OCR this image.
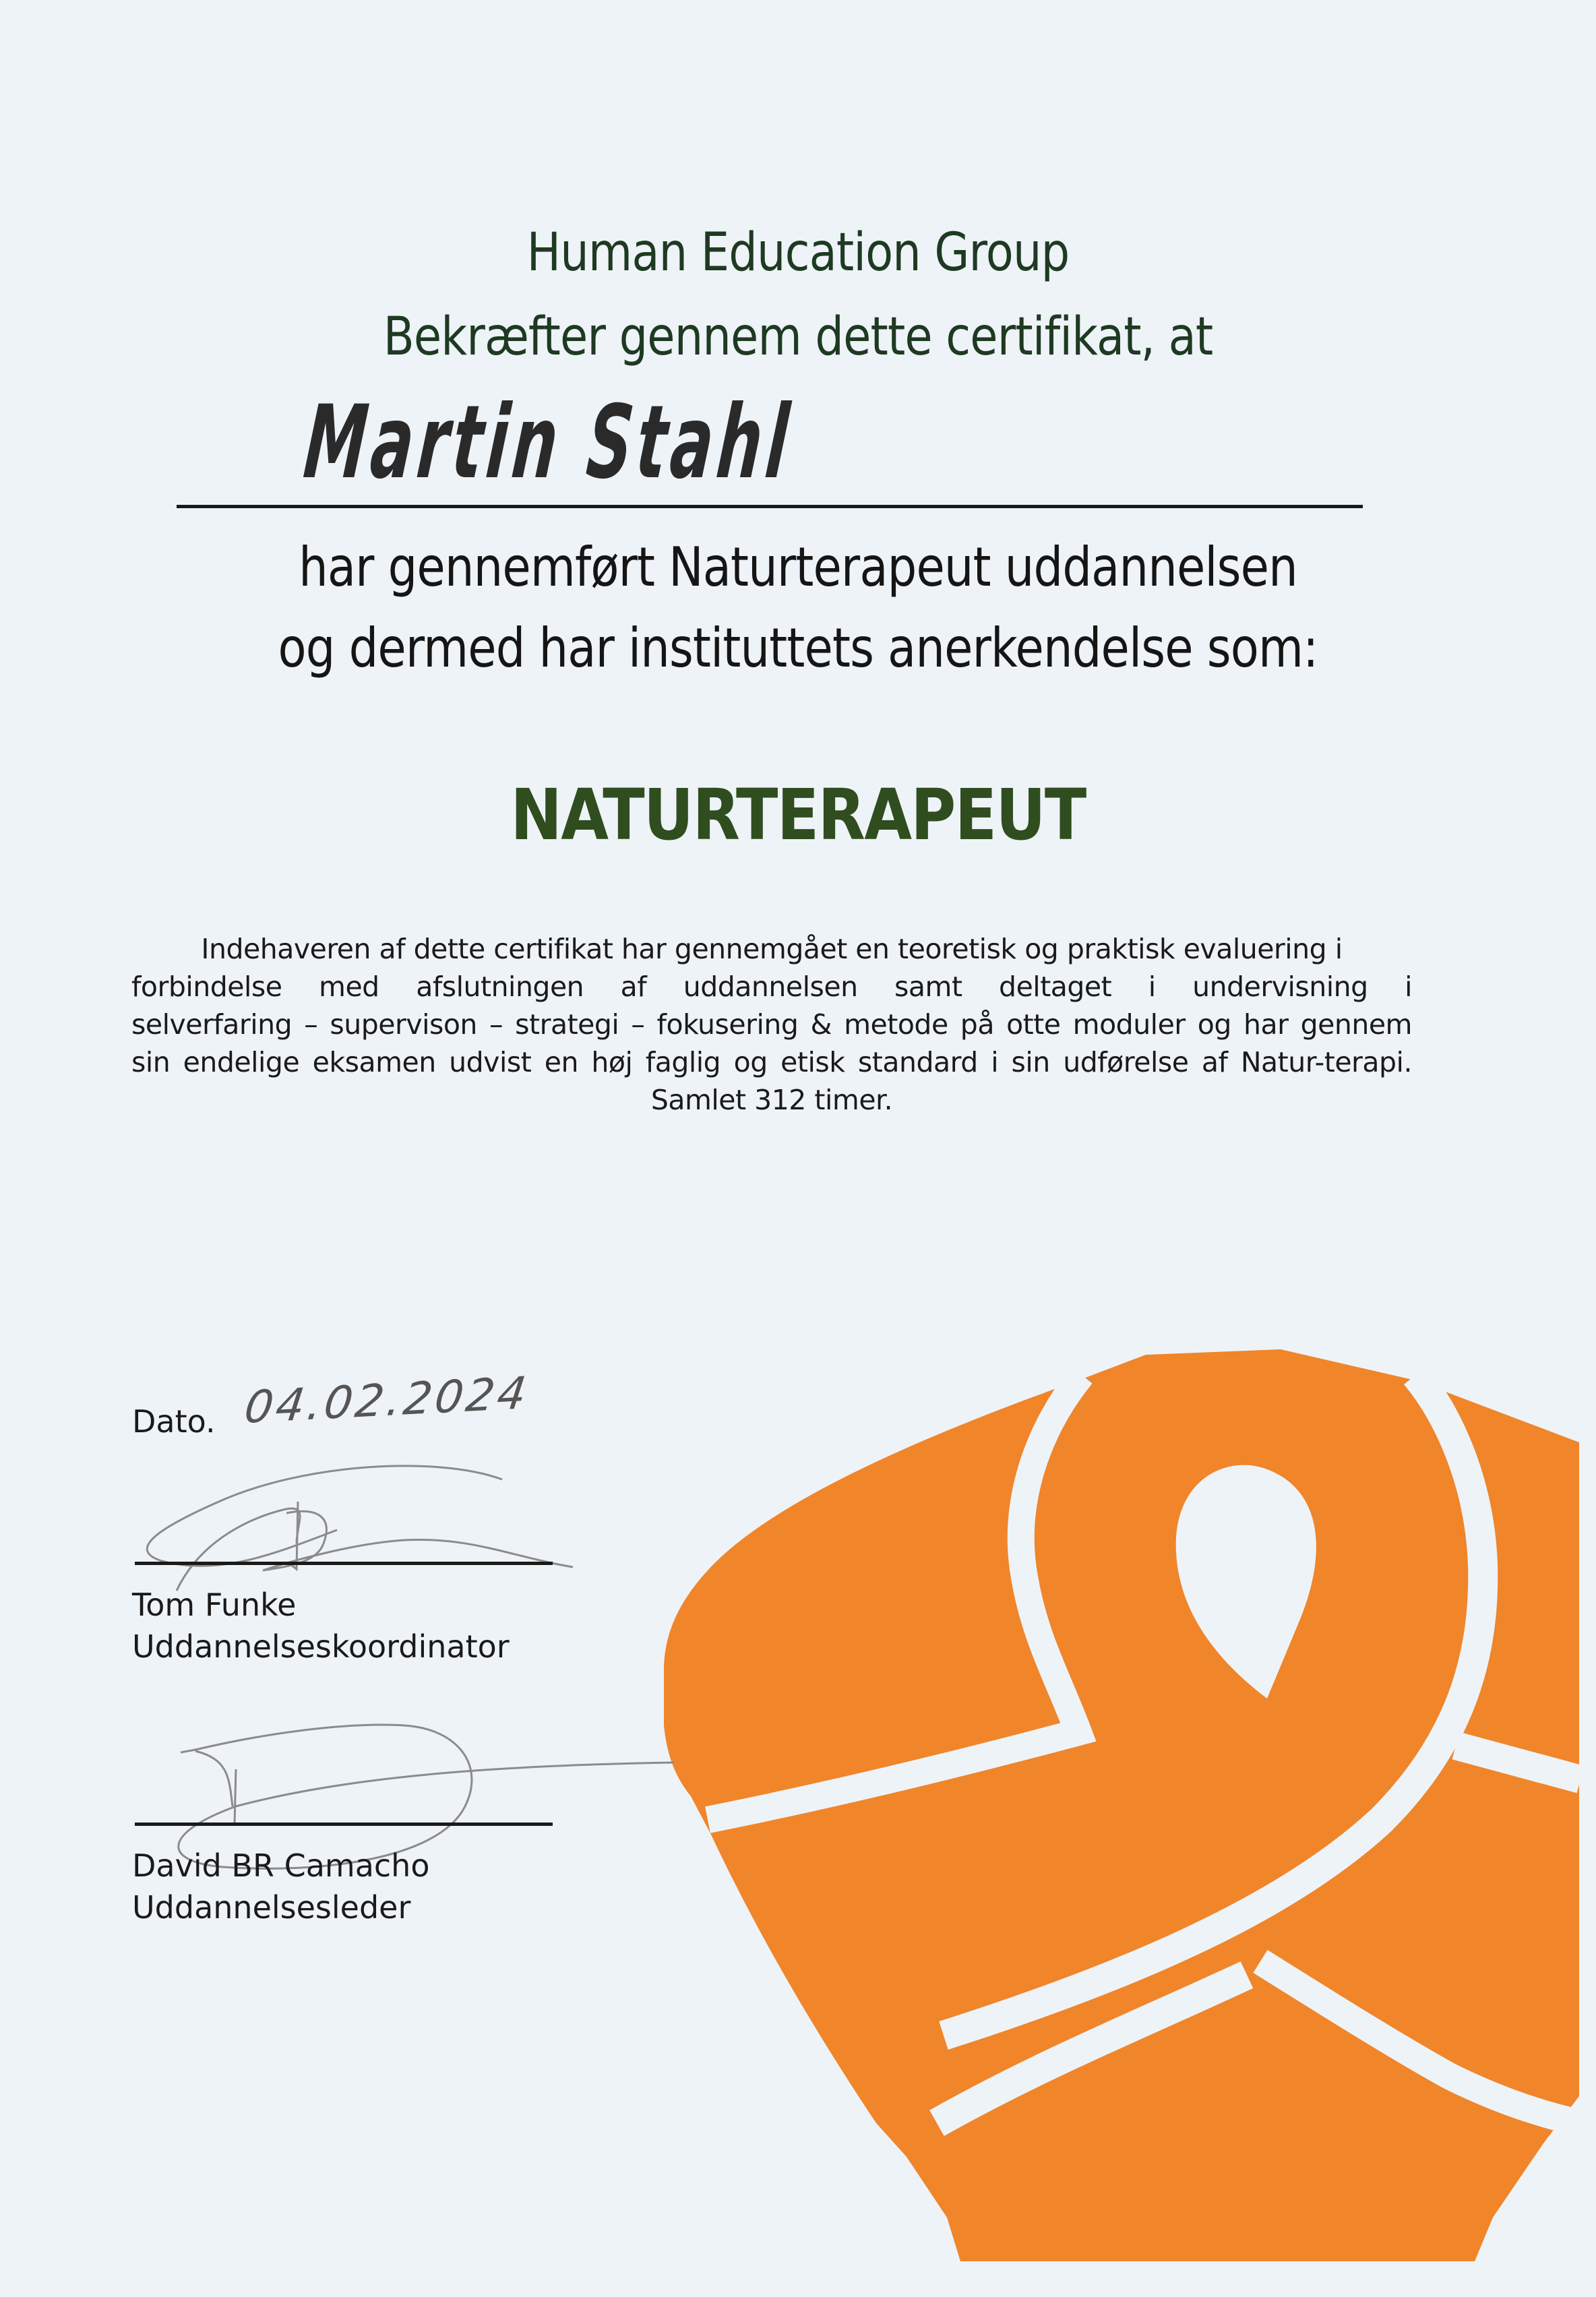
Human Education Group
Bekræfter gennem dette certifikat, at
Martin Stahl
har gennemført Naturterapeut uddannelsen
og dermed har instituttets anerkendelse som:
NATURTERAPEUT
Indehaveren af dette certifikat har gennemgået en teoretisk og praktisk evaluering i
forbindelse med afslutningen af uddannelsen samt deltaget i undervisning i
selverfaring – supervison – strategi – fokusering & metode på otte moduler og har gennem
sin endelige eksamen udvist en høj faglig og etisk standard i sin udførelse af Natur-terapi.
Samlet 312 timer.
Dato. 04.02.2024
Tom Funke
Uddannelseskoordinator
David BR Camacho
Uddannelsesleder
